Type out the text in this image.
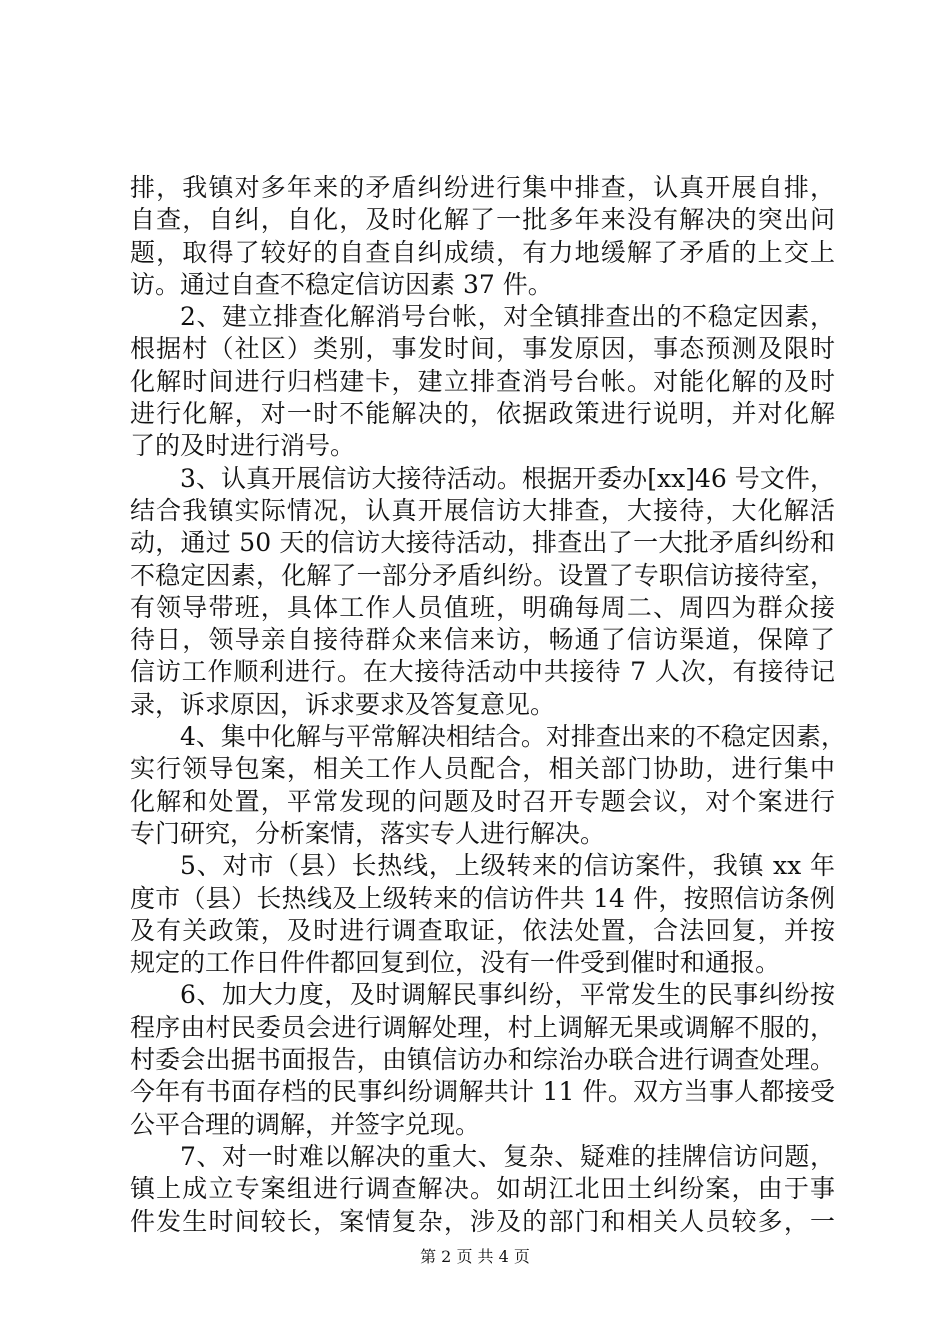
排，我镇对多年来的矛盾纠纷进行集中排查，认真开展自排，
自查，自纠，自化，及时化解了一批多年来没有解决的突出问
题，取得了较好的自查自纠成绩，有力地缓解了矛盾的上交上
访。通过自查不稳定信访因素 37 件。
2、建立排查化解消号台帐，对全镇排查出的不稳定因素，
根据村（社区）类别，事发时间，事发原因，事态预测及限时
化解时间进行归档建卡，建立排查消号台帐。对能化解的及时
进行化解，对一时不能解决的，依据政策进行说明，并对化解
了的及时进行消号。
3、认真开展信访大接待活动。根据开委办[xx]46 号文件，
结合我镇实际情况，认真开展信访大排查，大接待，大化解活
动，通过 50 天的信访大接待活动，排查出了一大批矛盾纠纷和
不稳定因素，化解了一部分矛盾纠纷。设置了专职信访接待室，
有领导带班，具体工作人员值班，明确每周二、周四为群众接
待日，领导亲自接待群众来信来访，畅通了信访渠道，保障了
信访工作顺利进行。在大接待活动中共接待 7 人次，有接待记
录，诉求原因，诉求要求及答复意见。
4、集中化解与平常解决相结合。对排查出来的不稳定因素，
实行领导包案，相关工作人员配合，相关部门协助，进行集中
化解和处置，平常发现的问题及时召开专题会议，对个案进行
专门研究，分析案情，落实专人进行解决。
5、对市（县）长热线，上级转来的信访案件，我镇 xx 年
度市（县）长热线及上级转来的信访件共 14 件，按照信访条例
及有关政策，及时进行调查取证，依法处置，合法回复，并按
规定的工作日件件都回复到位，没有一件受到催时和通报。
6、加大力度，及时调解民事纠纷，平常发生的民事纠纷按
程序由村民委员会进行调解处理，村上调解无果或调解不服的，
村委会出据书面报告，由镇信访办和综治办联合进行调查处理。
今年有书面存档的民事纠纷调解共计 11 件。双方当事人都接受
公平合理的调解，并签字兑现。
7、对一时难以解决的重大、复杂、疑难的挂牌信访问题，
镇上成立专案组进行调查解决。如胡江北田土纠纷案，由于事
件发生时间较长，案情复杂，涉及的部门和相关人员较多，一
第 2 页 共 4 页
